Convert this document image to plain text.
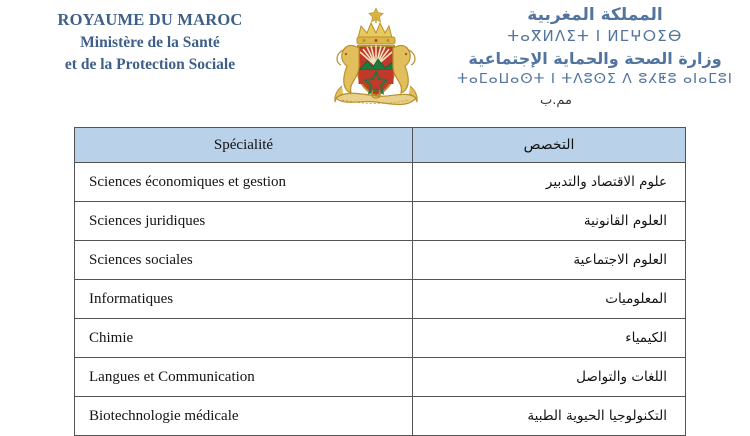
ROYAUME DU MAROC
Ministère de la Santé
et de la Protection Sociale
المملكة المغربية
ⵜⴰⴳⵍⴷⵉⵜ ⵏ ⵍⵎⵖⵔⵉⴱ
وزارة الصحة والحماية الإجتماعية
ⵜⴰⵎⴰⵡⴰⵙⵜ ⵏ ⵜⴷⵓⵙⵉ ⴷ ⵓⵃⵟⵓ ⴰⵏⴰⵎⵓⵏ
مم.ب
Spécialité	التخصص
Sciences économiques et gestion	علوم الاقتصاد والتدبير
Sciences juridiques	العلوم القانونية
Sciences sociales	العلوم الاجتماعية
Informatiques	المعلوميات
Chimie	الكيمياء
Langues et Communication	اللغات والتواصل
Biotechnologie médicale	التكنولوجيا الحيوية الطبية
